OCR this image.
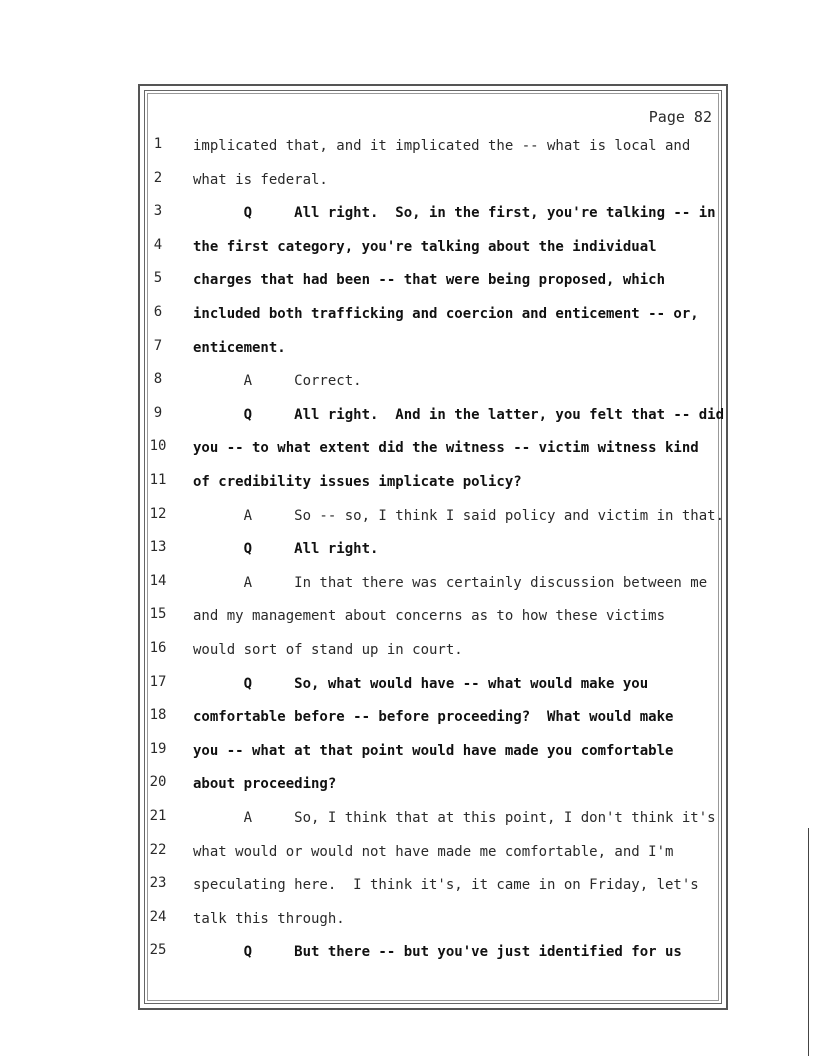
Page 82
1	implicated that, and it implicated the -- what is local and
2	what is federal.
3	Q     All right.  So, in the first, you're talking -- in
4	the first category, you're talking about the individual
5	charges that had been -- that were being proposed, which
6	included both trafficking and coercion and enticement -- or,
7	enticement.
8	A     Correct.
9	Q     All right.  And in the latter, you felt that -- did
10 you -- to what extent did the witness -- victim witness kind
11 of credibility issues implicate policy?
12 A     So -- so, I think I said policy and victim in that.
13 Q     All right.
14 A     In that there was certainly discussion between me
15 and my management about concerns as to how these victims
16 would sort of stand up in court.
17 Q     So, what would have -- what would make you
18 comfortable before -- before proceeding?  What would make
19 you -- what at that point would have made you comfortable
20 about proceeding?
21 A     So, I think that at this point, I don't think it's
22 what would or would not have made me comfortable, and I'm
23 speculating here.  I think it's, it came in on Friday, let's
24 talk this through.
25 Q     But there -- but you've just identified for us
